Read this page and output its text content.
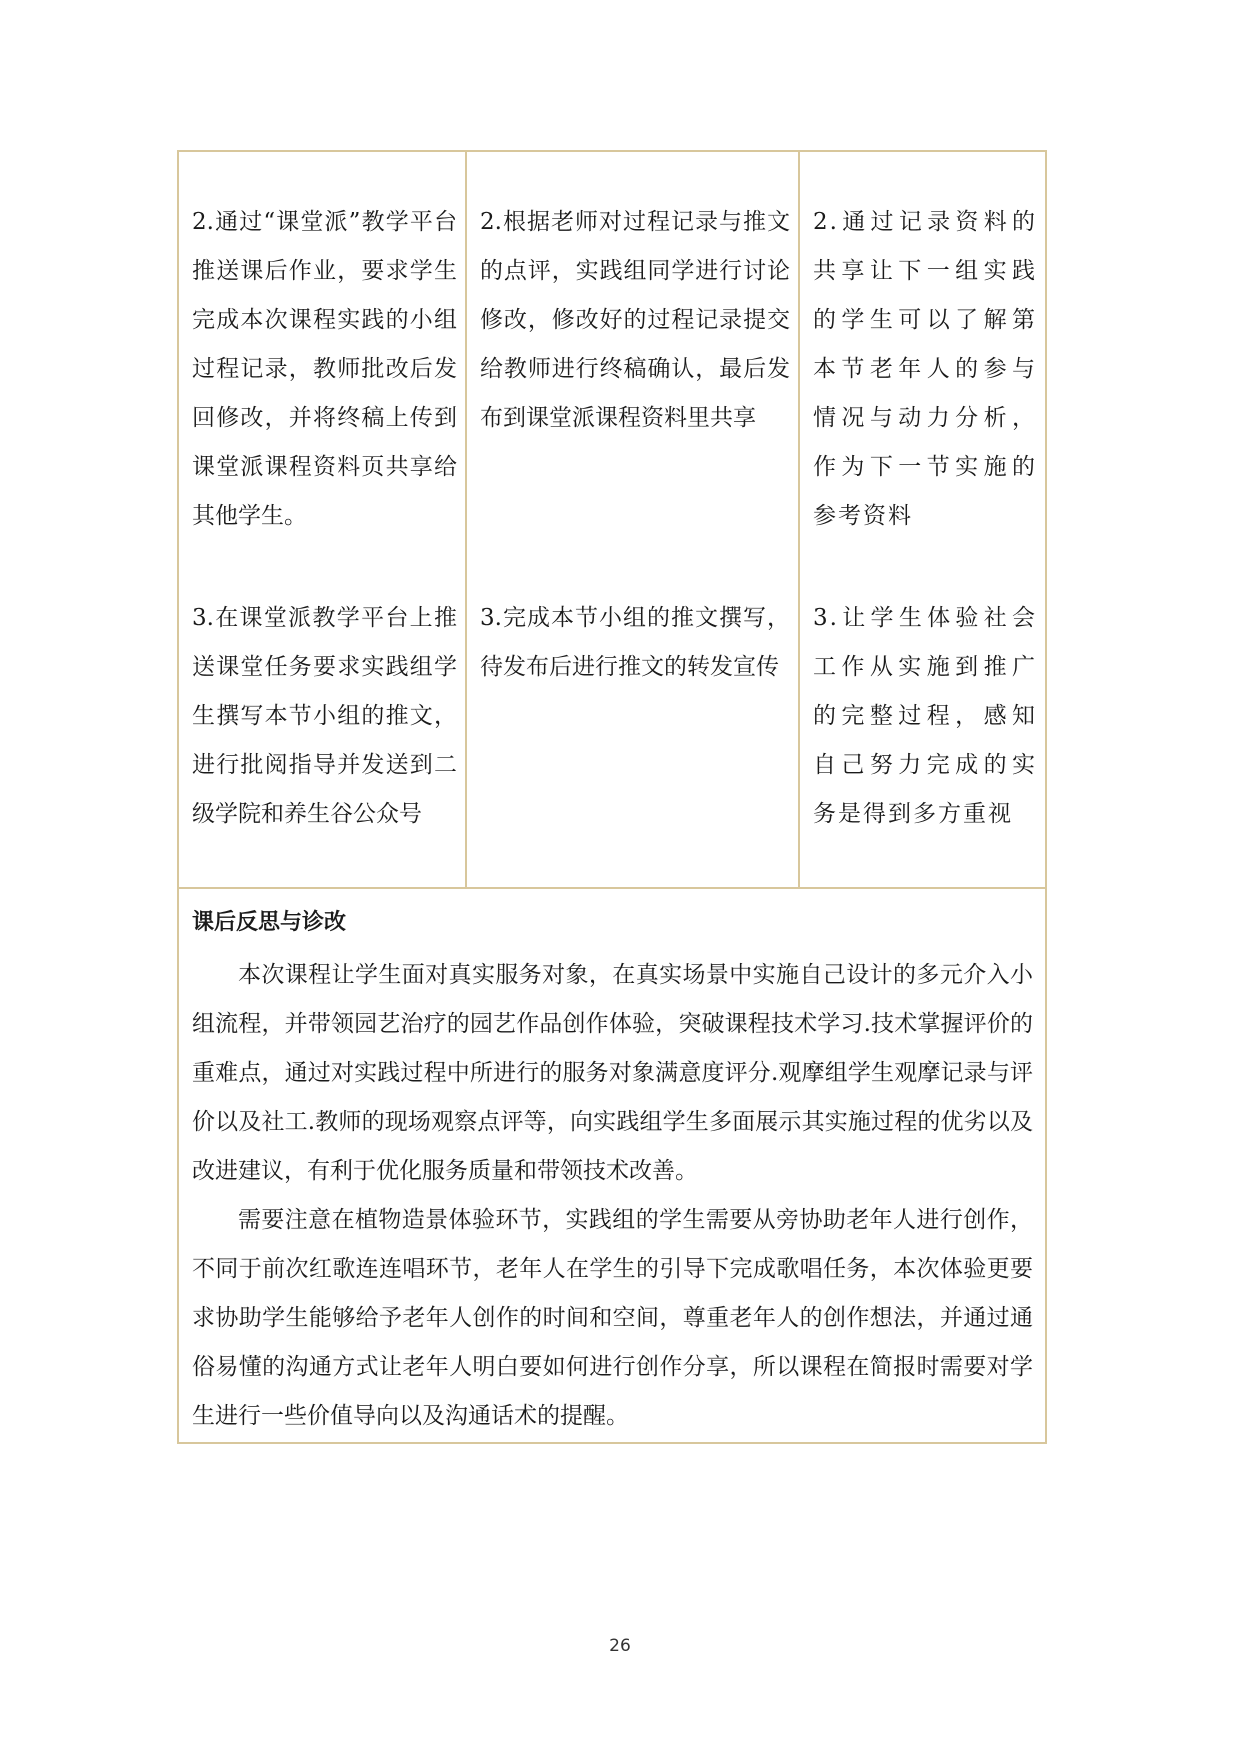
2.通过“课堂派”教学平台推送课后作业，要求学生完成本次课程实践的小组过程记录，教师批改后发回修改，并将终稿上传到课堂派课程资料页共享给其他学生。

3.在课堂派教学平台上推送课堂任务要求实践组学生撰写本节小组的推文，进行批阅指导并发送到二级学院和养生谷公众号

2.根据老师对过程记录与推文的点评，实践组同学进行讨论修改，修改好的过程记录提交给教师进行终稿确认，最后发布到课堂派课程资料里共享

3.完成本节小组的推文撰写，待发布后进行推文的转发宣传

2.通过记录资料的共享让下一组实践的学生可以了解第本节老年人的参与情况与动力分析，作为下一节实施的参考资料

3.让学生体验社会工作从实施到推广的完整过程，感知自己努力完成的实务是得到多方重视

课后反思与诊改

本次课程让学生面对真实服务对象，在真实场景中实施自己设计的多元介入小组流程，并带领园艺治疗的园艺作品创作体验，突破课程技术学习.技术掌握评价的重难点，通过对实践过程中所进行的服务对象满意度评分.观摩组学生观摩记录与评价以及社工.教师的现场观察点评等，向实践组学生多面展示其实施过程的优劣以及改进建议，有利于优化服务质量和带领技术改善。

需要注意在植物造景体验环节，实践组的学生需要从旁协助老年人进行创作，不同于前次红歌连连唱环节，老年人在学生的引导下完成歌唱任务，本次体验更要求协助学生能够给予老年人创作的时间和空间，尊重老年人的创作想法，并通过通俗易懂的沟通方式让老年人明白要如何进行创作分享，所以课程在简报时需要对学生进行一些价值导向以及沟通话术的提醒。

26
